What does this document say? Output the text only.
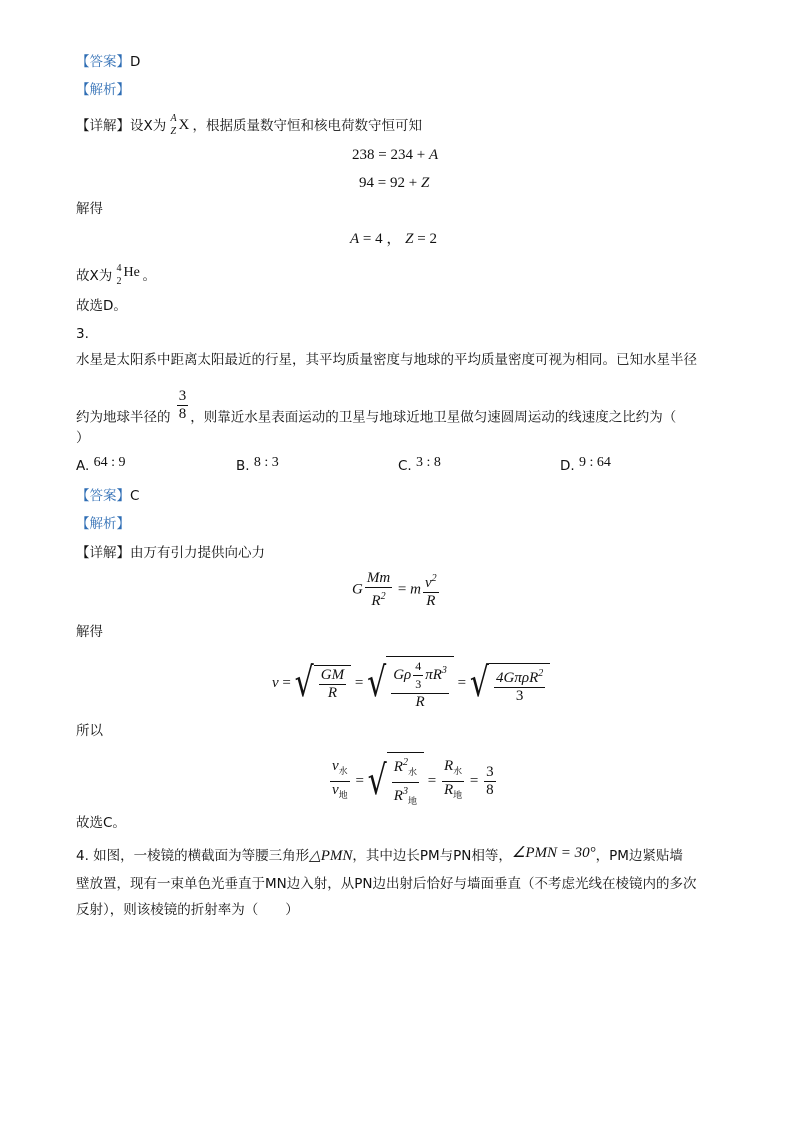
【答案】D
【解析】
【详解】设X为 A
Z X ，根据质量数守恒和核电荷数守恒可知
238 = 234 + A
94 = 92 + Z
解得
A = 4 ， Z = 2
故X为 4
2
He 。
故选D。
3.
水星是太阳系中距离太阳最近的行星，其平均质量密度与地球的平均质量密度可视为相同。已知水星半径
约为地球半径的 $\frac{3}{8}$ ，则靠近水星表面运动的卫星与地球近地卫星做匀速圆周运动的线速度之比约为（
）
A. 64 : 9	B. 8 : 3	C. 3 : 8	D. 9 : 64
【答案】C
【解析】
【详解】由万有引力提供向心力
G $\frac{Mm}{R^2} = m \frac{v^2}{R}$
解得
v = √ $\frac{GM}{R}$ = √ $\frac{G\rho \frac{4}{3} \pi R^3}{R}$ = √ $\frac{4G\pi\rho R^2}{3}$
所以
$\frac{v_水}{v_地}$ = √ $\frac{R^2_水}{R^3_地} = \frac{R_水}{R_地} = \frac{3}{8}$
故选C。
4. 如图，一棱镜的横截面为等腰三角形△PMN，其中边长PM与PN相等，∠PMN = 30°，PM边紧贴墙
壁放置，现有一束单色光垂直于MN边入射，从PN边出射后恰好与墙面垂直（不考虑光线在棱镜内的多次
反射），则该棱镜的折射率为（　　）
